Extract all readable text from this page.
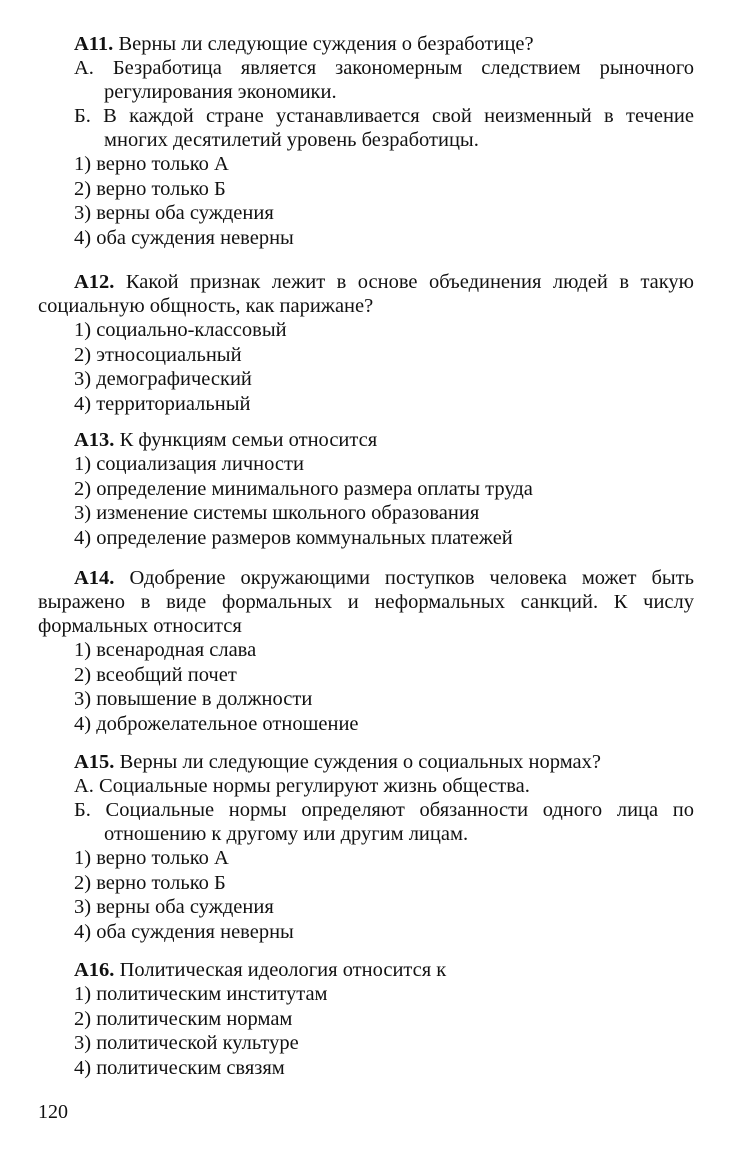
А11. Верны ли следующие суждения о безработице?

А. Безработица является закономерным следствием рыночного регулирования экономики.

Б. В каждой стране устанавливается свой неизменный в течение многих десятилетий уровень безработицы.

1) верно только А

2) верно только Б

3) верны оба суждения

4) оба суждения неверны

А12. Какой признак лежит в основе объединения людей в такую социальную общность, как парижане?

1) социально-классовый

2) этносоциальный

3) демографический

4) территориальный

А13. К функциям семьи относится

1) социализация личности

2) определение минимального размера оплаты труда

3) изменение системы школьного образования

4) определение размеров коммунальных платежей

А14. Одобрение окружающими поступков человека может быть выражено в виде формальных и неформальных санкций. К числу формальных относится

1) всенародная слава

2) всеобщий почет

3) повышение в должности

4) доброжелательное отношение

А15. Верны ли следующие суждения о социальных нормах?

А. Социальные нормы регулируют жизнь общества.

Б. Социальные нормы определяют обязанности одного лица по отношению к другому или другим лицам.

1) верно только А

2) верно только Б

3) верны оба суждения

4) оба суждения неверны

А16. Политическая идеология относится к

1) политическим институтам

2) политическим нормам

3) политической культуре

4) политическим связям

120
